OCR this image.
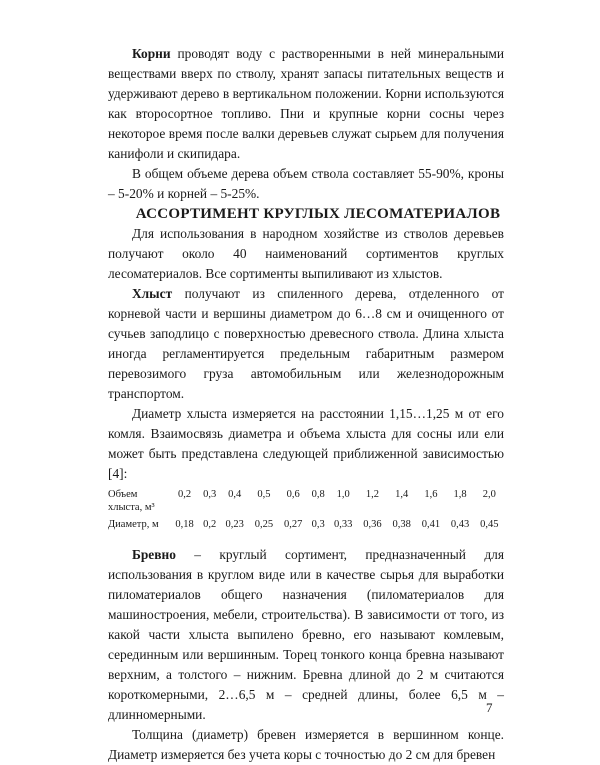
Корни проводят воду с растворенными в ней минеральными веществами вверх по стволу, хранят запасы питательных веществ и удерживают дерево в вертикальном положении. Корни используются как второсортное топливо. Пни и крупные корни сосны через некоторое время после валки деревьев служат сырьем для получения канифоли и скипидара.

В общем объеме дерева объем ствола составляет 55-90%, кроны – 5-20% и корней – 5-25%.

АССОРТИМЕНТ КРУГЛЫХ ЛЕСОМАТЕРИАЛОВ

Для использования в народном хозяйстве из стволов деревьев получают около 40 наименований сортиментов круглых лесоматериалов. Все сортименты выпиливают из хлыстов.

Хлыст получают из спиленного дерева, отделенного от корневой части и вершины диаметром до 6…8 см и очищенного от сучьев заподлицо с поверхностью древесного ствола. Длина хлыста иногда регламентируется предельным габаритным размером перевозимого груза автомобильным или железнодорожным транспортом.

Диаметр хлыста измеряется на расстоянии 1,15…1,25 м от его комля. Взаимосвязь диаметра и объема хлыста для сосны или ели может быть представлена следующей приближенной зависимостью [4]:

Объем хлыста, м³	0,2	0,3	0,4	0,5	0,6	0,8	1,0	1,2	1,4	1,6	1,8	2,0
Диаметр, м	0,18	0,2	0,23	0,25	0,27	0,3	0,33	0,36	0,38	0,41	0,43	0,45

Бревно – круглый сортимент, предназначенный для использования в круглом виде или в качестве сырья для выработки пиломатериалов общего назначения (пиломатериалов для машиностроения, мебели, строительства). В зависимости от того, из какой части хлыста выпилено бревно, его называют комлевым, серединным или вершинным. Торец тонкого конца бревна называют верхним, а толстого – нижним. Бревна длиной до 2 м считаются короткомерными, 2…6,5 м – средней длины, более 6,5 м – длинномерными.

Толщина (диаметр) бревен измеряется в вершинном конце. Диаметр измеряется без учета коры с точностью до 2 см для бревен

7
